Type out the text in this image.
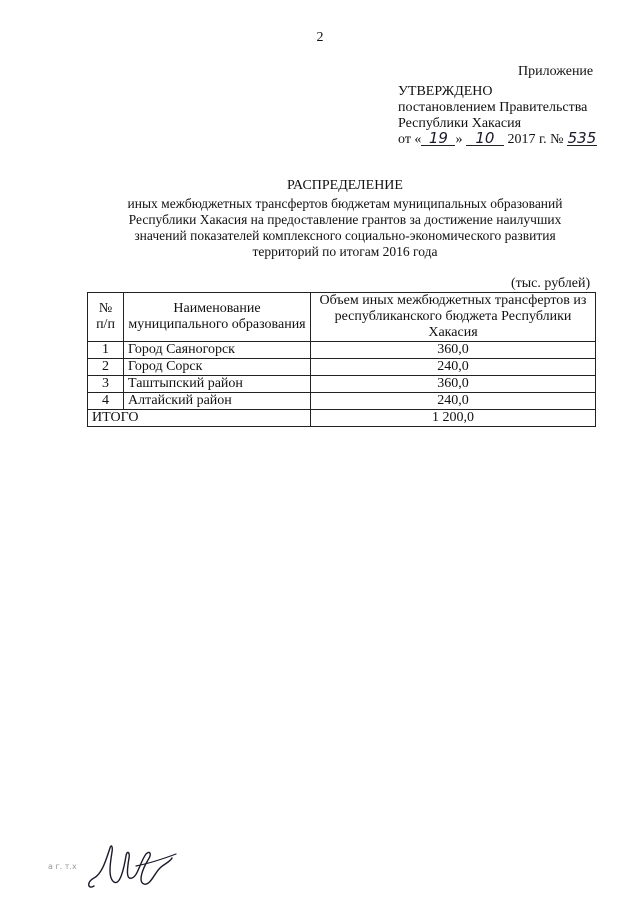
2
Приложение
УТВЕРЖДЕНО
постановлением Правительства
Республики Хакасия
от « 19 » 10 2017 г. № 535
РАСПРЕДЕЛЕНИЕ
иных межбюджетных трансфертов бюджетам муниципальных образований
Республики Хакасия на предоставление грантов за достижение наилучших
значений показателей комплексного социально-экономического развития
территорий по итогам 2016 года
(тыс. рублей)
№ п/п	Наименование муниципального образования	Объем иных межбюджетных трансфертов из республиканского бюджета Республики Хакасия
1	Город Саяногорск	360,0
2	Город Сорск	240,0
3	Таштыпский район	360,0
4	Алтайский район	240,0
ИТОГО		1 200,0
а г. т.х
